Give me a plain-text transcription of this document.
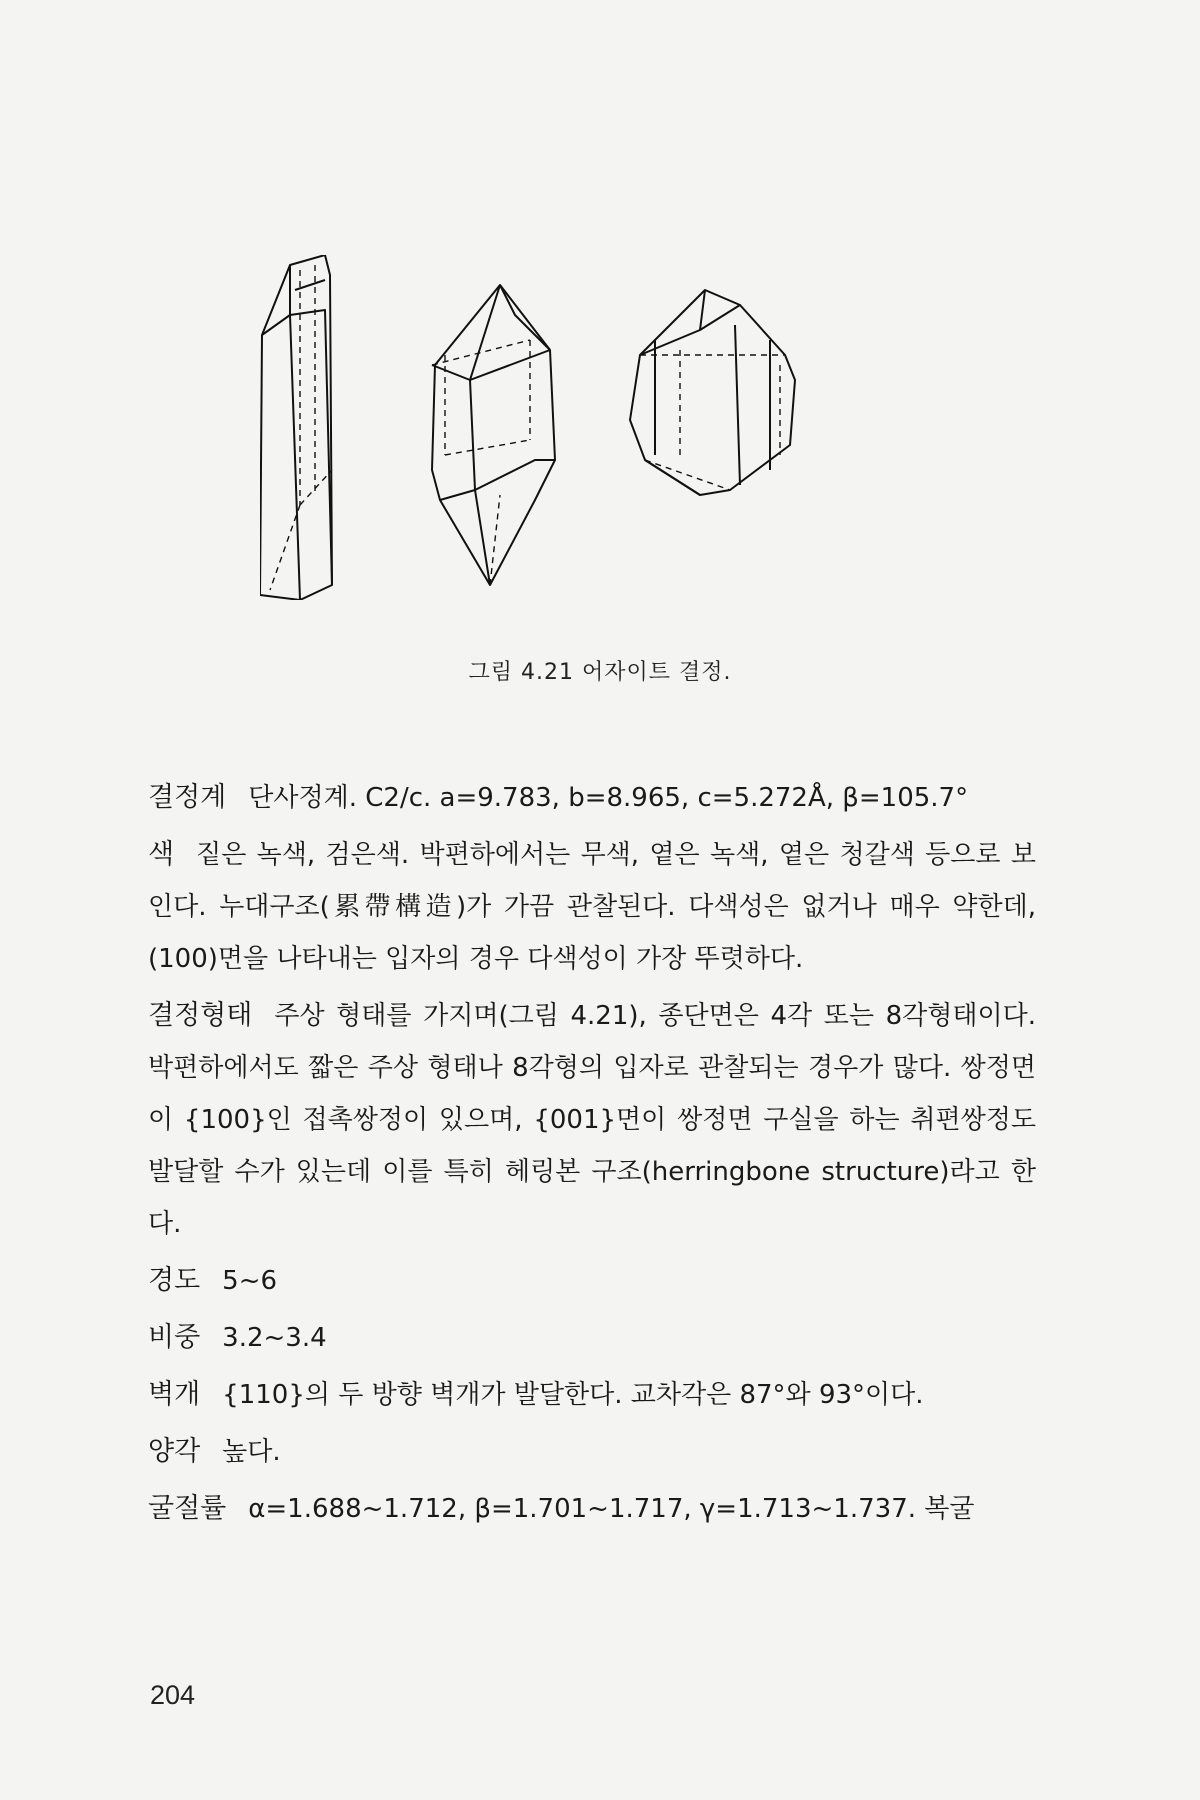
그림 4.21 어자이트 결정.

결정계 단사정계. C2/c. a=9.783, b=8.965, c=5.272Å, β=105.7°

색 짙은 녹색, 검은색. 박편하에서는 무색, 옅은 녹색, 옅은 청갈색 등으로 보인다. 누대구조(累帶構造)가 가끔 관찰된다. 다색성은 없거나 매우 약한데, (100)면을 나타내는 입자의 경우 다색성이 가장 뚜렷하다.

결정형태 주상 형태를 가지며(그림 4.21), 종단면은 4각 또는 8각형태이다. 박편하에서도 짧은 주상 형태나 8각형의 입자로 관찰되는 경우가 많다. 쌍정면이 {100}인 접촉쌍정이 있으며, {001}면이 쌍정면 구실을 하는 취편쌍정도 발달할 수가 있는데 이를 특히 헤링본 구조(herringbone structure)라고 한다.

경도 5~6

비중 3.2~3.4

벽개 {110}의 두 방향 벽개가 발달한다. 교차각은 87°와 93°이다.

양각 높다.

굴절률 α=1.688~1.712, β=1.701~1.717, γ=1.713~1.737. 복굴

204
